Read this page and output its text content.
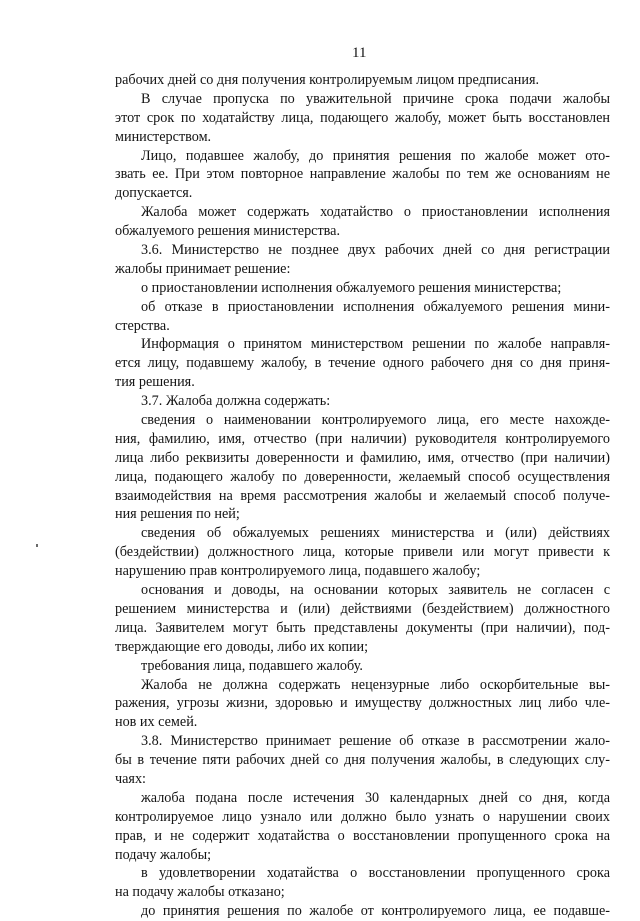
11
рабочих дней со дня получения контролируемым лицом предписания.
В случае пропуска по уважительной причине срока подачи жалобы
этот срок по ходатайству лица, подающего жалобу, может быть восстановлен
министерством.
Лицо, подавшее жалобу, до принятия решения по жалобе может ото-
звать ее. При этом повторное направление жалобы по тем же основаниям не
допускается.
Жалоба может содержать ходатайство о приостановлении исполнения
обжалуемого решения министерства.
3.6. Министерство не позднее двух рабочих дней со дня регистрации
жалобы принимает решение:
о приостановлении исполнения обжалуемого решения министерства;
об отказе в приостановлении исполнения обжалуемого решения мини-
стерства.
Информация о принятом министерством решении по жалобе направля-
ется лицу, подавшему жалобу, в течение одного рабочего дня со дня приня-
тия решения.
3.7. Жалоба должна содержать:
сведения о наименовании контролируемого лица, его месте нахожде-
ния, фамилию, имя, отчество (при наличии) руководителя контролируемого
лица либо реквизиты доверенности и фамилию, имя, отчество (при наличии)
лица, подающего жалобу по доверенности, желаемый способ осуществления
взаимодействия на время рассмотрения жалобы и желаемый способ получе-
ния решения по ней;
сведения об обжалуемых решениях министерства и (или) действиях
(бездействии) должностного лица, которые привели или могут привести к
нарушению прав контролируемого лица, подавшего жалобу;
основания и доводы, на основании которых заявитель не согласен с
решением министерства и (или) действиями (бездействием) должностного
лица. Заявителем могут быть представлены документы (при наличии), под-
тверждающие его доводы, либо их копии;
требования лица, подавшего жалобу.
Жалоба не должна содержать нецензурные либо оскорбительные вы-
ражения, угрозы жизни, здоровью и имуществу должностных лиц либо чле-
нов их семей.
3.8. Министерство принимает решение об отказе в рассмотрении жало-
бы в течение пяти рабочих дней со дня получения жалобы, в следующих слу-
чаях:
жалоба подана после истечения 30 календарных дней со дня, когда
контролируемое лицо узнало или должно было узнать о нарушении своих
прав, и не содержит ходатайства о восстановлении пропущенного срока на
подачу жалобы;
в удовлетворении ходатайства о восстановлении пропущенного срока
на подачу жалобы отказано;
до принятия решения по жалобе от контролируемого лица, ее подавше-
